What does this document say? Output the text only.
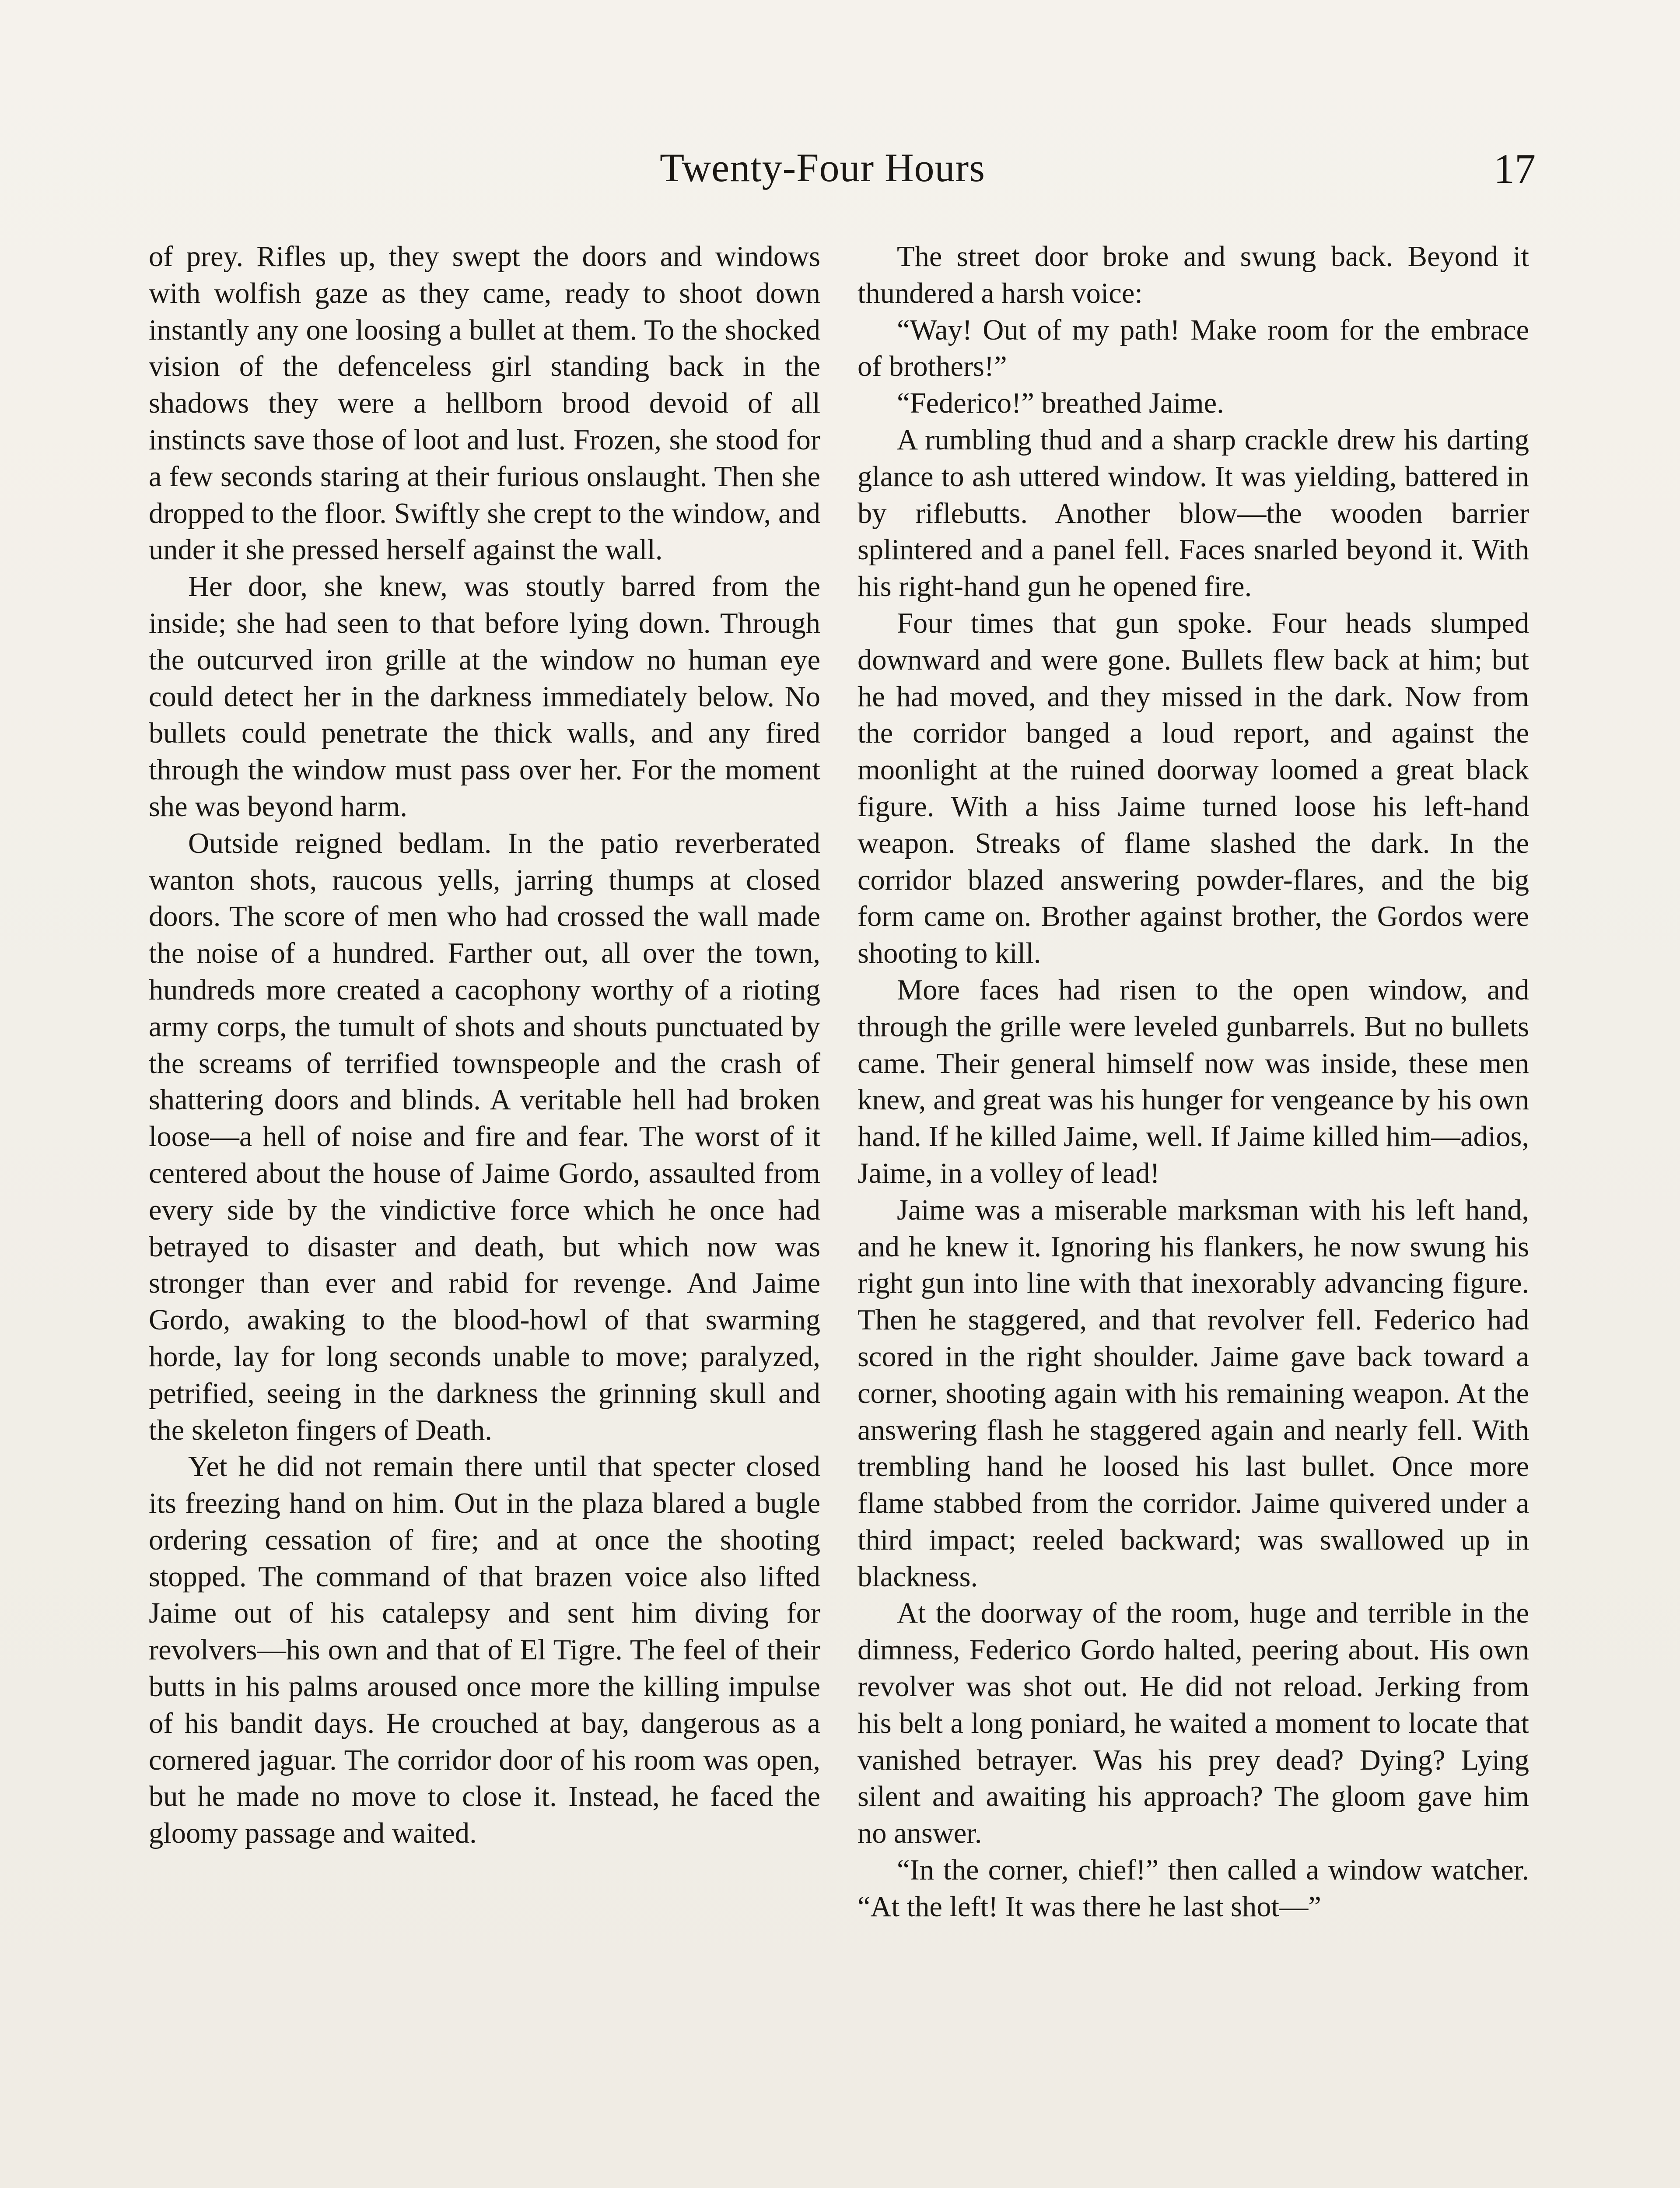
Twenty-Four Hours	17

of prey. Rifles up, they swept the doors and windows with wolfish gaze as they came, ready to shoot down instantly any one loosing a bullet at them. To the shocked vision of the defenceless girl standing back in the shadows they were a hellborn brood devoid of all instincts save those of loot and lust. Frozen, she stood for a few seconds staring at their furious onslaught. Then she dropped to the floor. Swiftly she crept to the window, and under it she pressed herself against the wall.

Her door, she knew, was stoutly barred from the inside; she had seen to that before lying down. Through the outcurved iron grille at the window no human eye could detect her in the darkness immediately below. No bullets could penetrate the thick walls, and any fired through the window must pass over her. For the moment she was beyond harm.

Outside reigned bedlam. In the patio reverberated wanton shots, raucous yells, jarring thumps at closed doors. The score of men who had crossed the wall made the noise of a hundred. Farther out, all over the town, hundreds more created a cacophony worthy of a rioting army corps, the tumult of shots and shouts punctuated by the screams of terrified townspeople and the crash of shattering doors and blinds. A veritable hell had broken loose—a hell of noise and fire and fear. The worst of it centered about the house of Jaime Gordo, assaulted from every side by the vindictive force which he once had betrayed to disaster and death, but which now was stronger than ever and rabid for revenge. And Jaime Gordo, awaking to the blood-howl of that swarming horde, lay for long seconds unable to move; paralyzed, petrified, seeing in the darkness the grinning skull and the skeleton fingers of Death.

Yet he did not remain there until that specter closed its freezing hand on him. Out in the plaza blared a bugle ordering cessation of fire; and at once the shooting stopped. The command of that brazen voice also lifted Jaime out of his catalepsy and sent him diving for revolvers—his own and that of El Tigre. The feel of their butts in his palms aroused once more the killing impulse of his bandit days. He crouched at bay, dangerous as a cornered jaguar. The corridor door of his room was open, but he made no move to close it. Instead, he faced the gloomy passage and waited.

The street door broke and swung back. Beyond it thundered a harsh voice:

“Way! Out of my path! Make room for the embrace of brothers!”

“Federico!” breathed Jaime.

A rumbling thud and a sharp crackle drew his darting glance to ash uttered window. It was yielding, battered in by riflebutts. Another blow—the wooden barrier splintered and a panel fell. Faces snarled beyond it. With his right-hand gun he opened fire.

Four times that gun spoke. Four heads slumped downward and were gone. Bullets flew back at him; but he had moved, and they missed in the dark. Now from the corridor banged a loud report, and against the moonlight at the ruined doorway loomed a great black figure. With a hiss Jaime turned loose his left-hand weapon. Streaks of flame slashed the dark. In the corridor blazed answering powder-flares, and the big form came on. Brother against brother, the Gordos were shooting to kill.

More faces had risen to the open window, and through the grille were leveled gunbarrels. But no bullets came. Their general himself now was inside, these men knew, and great was his hunger for vengeance by his own hand. If he killed Jaime, well. If Jaime killed him—adios, Jaime, in a volley of lead!

Jaime was a miserable marksman with his left hand, and he knew it. Ignoring his flankers, he now swung his right gun into line with that inexorably advancing figure. Then he staggered, and that revolver fell. Federico had scored in the right shoulder. Jaime gave back toward a corner, shooting again with his remaining weapon. At the answering flash he staggered again and nearly fell. With trembling hand he loosed his last bullet. Once more flame stabbed from the corridor. Jaime quivered under a third impact; reeled backward; was swallowed up in blackness.

At the doorway of the room, huge and terrible in the dimness, Federico Gordo halted, peering about. His own revolver was shot out. He did not reload. Jerking from his belt a long poniard, he waited a moment to locate that vanished betrayer. Was his prey dead? Dying? Lying silent and awaiting his approach? The gloom gave him no answer.

“In the corner, chief!” then called a window watcher. “At the left! It was there he last shot—”
